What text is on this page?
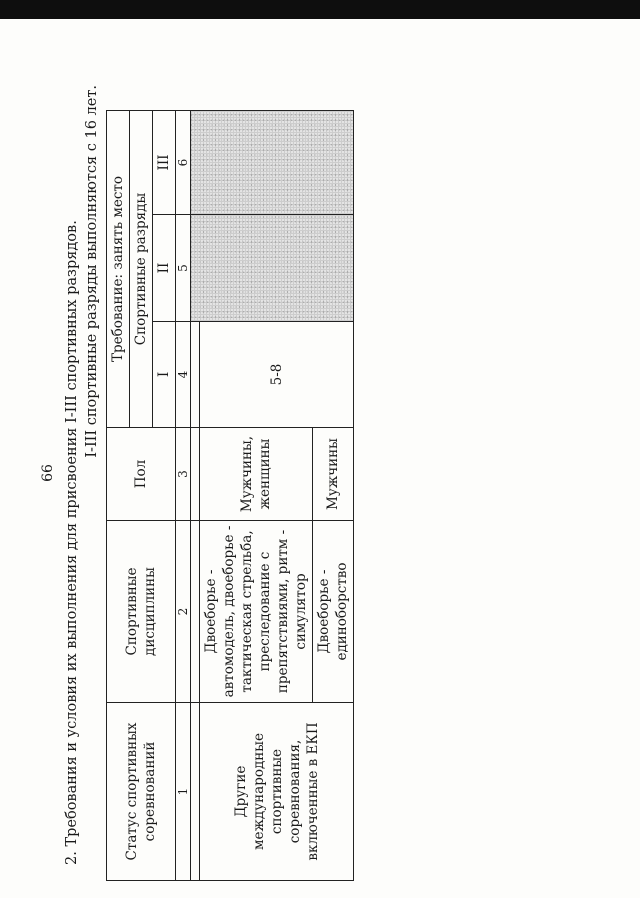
66 2. Требования и условия их выполнения для присвоения I-III спортивных разрядов. I-III спортивные разряды выполняются с 16 лет.
Статус спортивных соревнований	Спортивные дисциплины	Пол	Требование: занять место		
			Спортивные разряды		
			I	II	III
1	2	3	4	5	6

Другие международные спортивные соревнования, включенные в ЕКП	Двоеборье - автомодель, двоеборье - тактическая стрельба, преследование с препятствиями, ритм - симулятор	Мужчины, женщины	5-8		
	Двоеборье - единоборство	Мужчины			
